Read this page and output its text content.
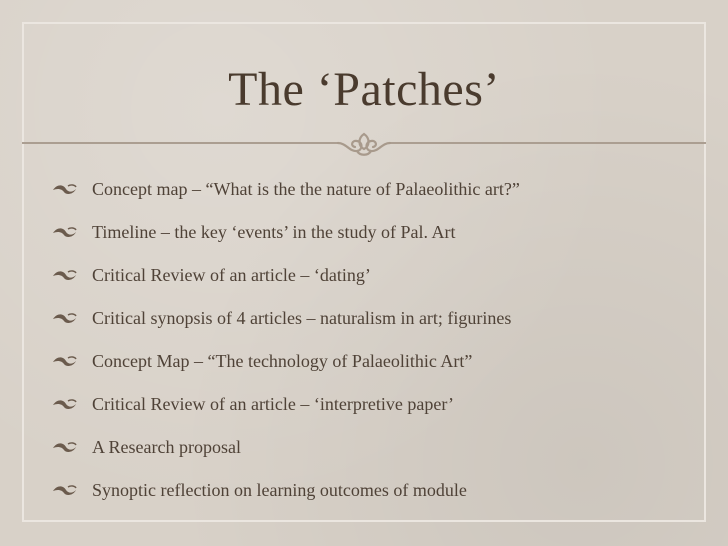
The ‘Patches’
Concept map – “What is the the nature of Palaeolithic art?”
Timeline – the key ‘events’ in the study of Pal. Art
Critical Review of an article – ‘dating’
Critical synopsis of 4 articles – naturalism in art; figurines
Concept Map – “The technology of Palaeolithic Art”
Critical Review of an article – ‘interpretive paper’
A Research proposal
Synoptic reflection on learning outcomes of module
